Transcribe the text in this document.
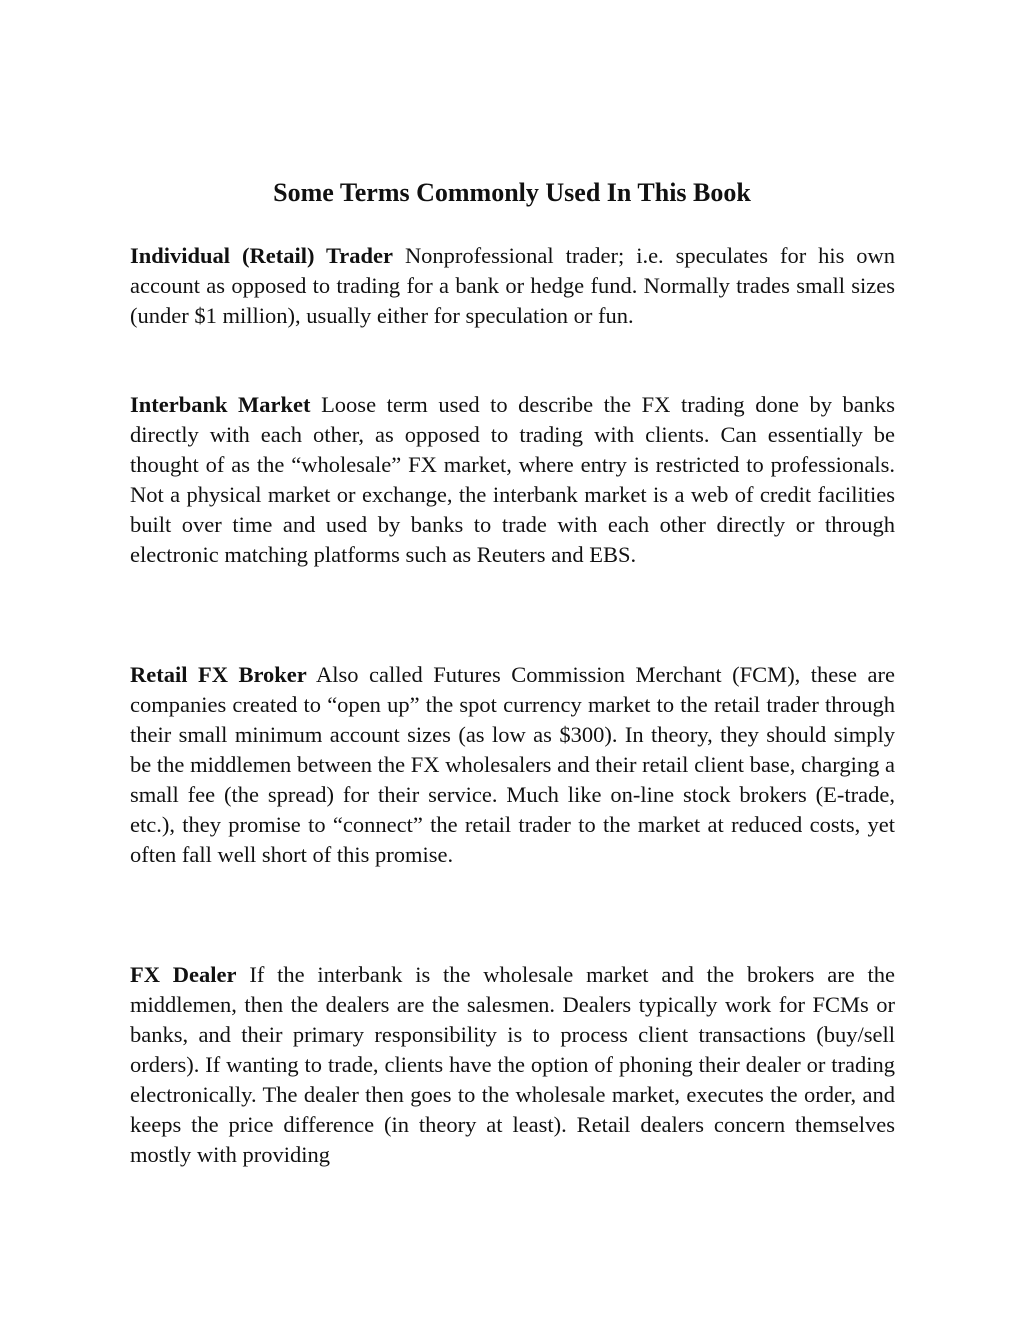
Some Terms Commonly Used In This Book

Individual (Retail) Trader Nonprofessional trader; i.e. speculates for his own account as opposed to trading for a bank or hedge fund. Normally trades small sizes (under $1 million), usually either for speculation or fun.

Interbank Market Loose term used to describe the FX trading done by banks directly with each other, as opposed to trading with clients. Can essentially be thought of as the “wholesale” FX market, where entry is restricted to professionals. Not a physical market or exchange, the interbank market is a web of credit facilities built over time and used by banks to trade with each other directly or through electronic matching platforms such as Reuters and EBS.

Retail FX Broker Also called Futures Commission Merchant (FCM), these are companies created to “open up” the spot currency market to the retail trader through their small minimum account sizes (as low as $300). In theory, they should simply be the middlemen between the FX wholesalers and their retail client base, charging a small fee (the spread) for their service. Much like on-line stock brokers (E-trade, etc.), they promise to “connect” the retail trader to the market at reduced costs, yet often fall well short of this promise.

FX Dealer If the interbank is the wholesale market and the brokers are the middlemen, then the dealers are the salesmen. Dealers typically work for FCMs or banks, and their primary responsibility is to process client transactions (buy/sell orders). If wanting to trade, clients have the option of phoning their dealer or trading electronically. The dealer then goes to the wholesale market, executes the order, and keeps the price difference (in theory at least). Retail dealers concern themselves mostly with providing
